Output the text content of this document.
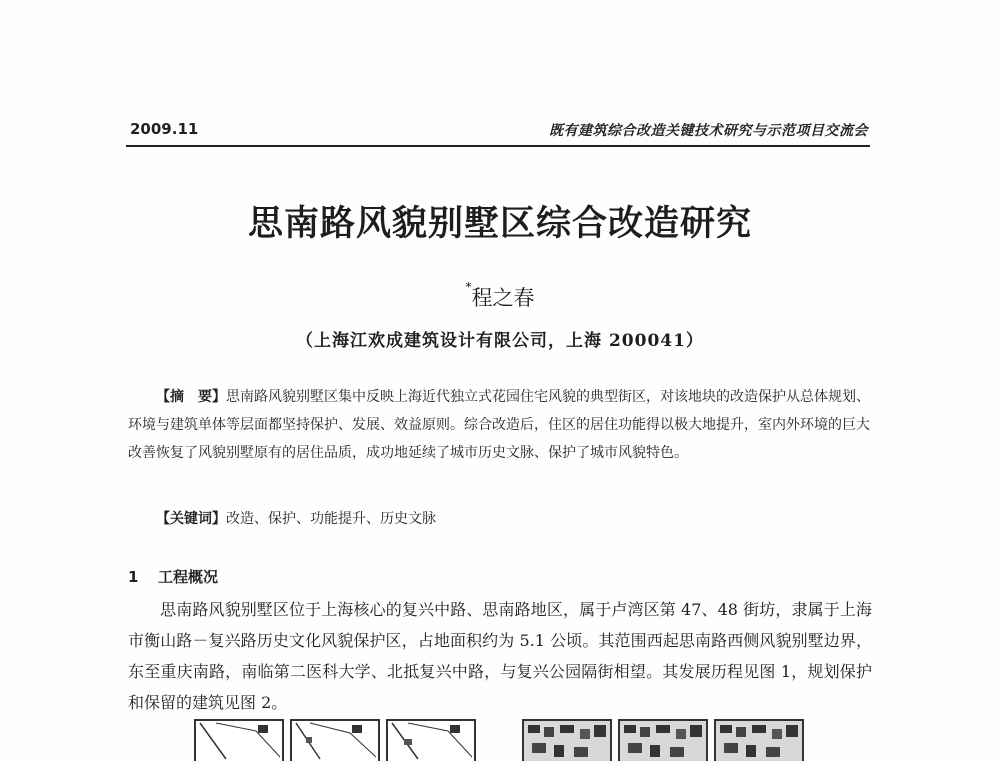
2009.11	既有建筑综合改造关键技术研究与示范项目交流会
思南路风貌别墅区综合改造研究
*程之春
（上海江欢成建筑设计有限公司，上海 200041）
【摘　要】思南路风貌别墅区集中反映上海近代独立式花园住宅风貌的典型街区，对该地块的改造保护从总体规划、环境与建筑单体等层面都坚持保护、发展、效益原则。综合改造后，住区的居住功能得以极大地提升，室内外环境的巨大改善恢复了风貌别墅原有的居住品质，成功地延续了城市历史文脉、保护了城市风貌特色。
【关键词】改造、保护、功能提升、历史文脉
1 工程概况
思南路风貌别墅区位于上海核心的复兴中路、思南路地区，属于卢湾区第 47、48 街坊，隶属于上海市衡山路－复兴路历史文化风貌保护区，占地面积约为 5.1 公顷。其范围西起思南路西侧风貌别墅边界，东至重庆南路，南临第二医科大学、北抵复兴中路，与复兴公园隔街相望。其发展历程见图 1，规划保护和保留的建筑见图 2。
